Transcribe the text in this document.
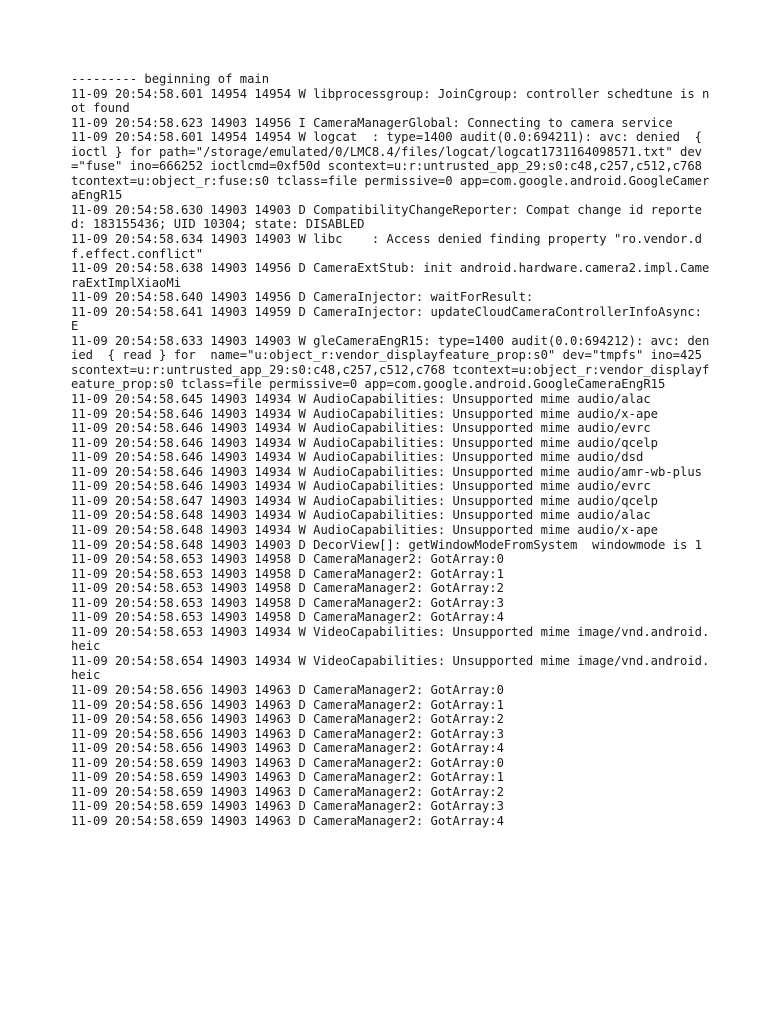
--------- beginning of main

11-09 20:54:58.601 14954 14954 W libprocessgroup: JoinCgroup: controller schedtune is not found

11-09 20:54:58.623 14903 14956 I CameraManagerGlobal: Connecting to camera service

11-09 20:54:58.601 14954 14954 W logcat  : type=1400 audit(0.0:694211): avc: denied  { ioctl } for path="/storage/emulated/0/LMC8.4/files/logcat/logcat1731164098571.txt" dev="fuse" ino=666252 ioctlcmd=0xf50d scontext=u:r:untrusted_app_29:s0:c48,c257,c512,c768 tcontext=u:object_r:fuse:s0 tclass=file permissive=0 app=com.google.android.GoogleCameraEngR15

11-09 20:54:58.630 14903 14903 D CompatibilityChangeReporter: Compat change id reported: 183155436; UID 10304; state: DISABLED

11-09 20:54:58.634 14903 14903 W libc    : Access denied finding property "ro.vendor.df.effect.conflict"

11-09 20:54:58.638 14903 14956 D CameraExtStub: init android.hardware.camera2.impl.CameraExtImplXiaoMi

11-09 20:54:58.640 14903 14956 D CameraInjector: waitForResult:

11-09 20:54:58.641 14903 14959 D CameraInjector: updateCloudCameraControllerInfoAsync: E

11-09 20:54:58.633 14903 14903 W gleCameraEngR15: type=1400 audit(0.0:694212): avc: denied  { read } for  name="u:object_r:vendor_displayfeature_prop:s0" dev="tmpfs" ino=425 scontext=u:r:untrusted_app_29:s0:c48,c257,c512,c768 tcontext=u:object_r:vendor_displayfeature_prop:s0 tclass=file permissive=0 app=com.google.android.GoogleCameraEngR15

11-09 20:54:58.645 14903 14934 W AudioCapabilities: Unsupported mime audio/alac

11-09 20:54:58.646 14903 14934 W AudioCapabilities: Unsupported mime audio/x-ape

11-09 20:54:58.646 14903 14934 W AudioCapabilities: Unsupported mime audio/evrc

11-09 20:54:58.646 14903 14934 W AudioCapabilities: Unsupported mime audio/qcelp

11-09 20:54:58.646 14903 14934 W AudioCapabilities: Unsupported mime audio/dsd

11-09 20:54:58.646 14903 14934 W AudioCapabilities: Unsupported mime audio/amr-wb-plus

11-09 20:54:58.646 14903 14934 W AudioCapabilities: Unsupported mime audio/evrc

11-09 20:54:58.647 14903 14934 W AudioCapabilities: Unsupported mime audio/qcelp

11-09 20:54:58.648 14903 14934 W AudioCapabilities: Unsupported mime audio/alac

11-09 20:54:58.648 14903 14934 W AudioCapabilities: Unsupported mime audio/x-ape

11-09 20:54:58.648 14903 14903 D DecorView[]: getWindowModeFromSystem  windowmode is 1

11-09 20:54:58.653 14903 14958 D CameraManager2: GotArray:0

11-09 20:54:58.653 14903 14958 D CameraManager2: GotArray:1

11-09 20:54:58.653 14903 14958 D CameraManager2: GotArray:2

11-09 20:54:58.653 14903 14958 D CameraManager2: GotArray:3

11-09 20:54:58.653 14903 14958 D CameraManager2: GotArray:4

11-09 20:54:58.653 14903 14934 W VideoCapabilities: Unsupported mime image/vnd.android.heic

11-09 20:54:58.654 14903 14934 W VideoCapabilities: Unsupported mime image/vnd.android.heic

11-09 20:54:58.656 14903 14963 D CameraManager2: GotArray:0

11-09 20:54:58.656 14903 14963 D CameraManager2: GotArray:1

11-09 20:54:58.656 14903 14963 D CameraManager2: GotArray:2

11-09 20:54:58.656 14903 14963 D CameraManager2: GotArray:3

11-09 20:54:58.656 14903 14963 D CameraManager2: GotArray:4

11-09 20:54:58.659 14903 14963 D CameraManager2: GotArray:0

11-09 20:54:58.659 14903 14963 D CameraManager2: GotArray:1

11-09 20:54:58.659 14903 14963 D CameraManager2: GotArray:2

11-09 20:54:58.659 14903 14963 D CameraManager2: GotArray:3

11-09 20:54:58.659 14903 14963 D CameraManager2: GotArray:4
